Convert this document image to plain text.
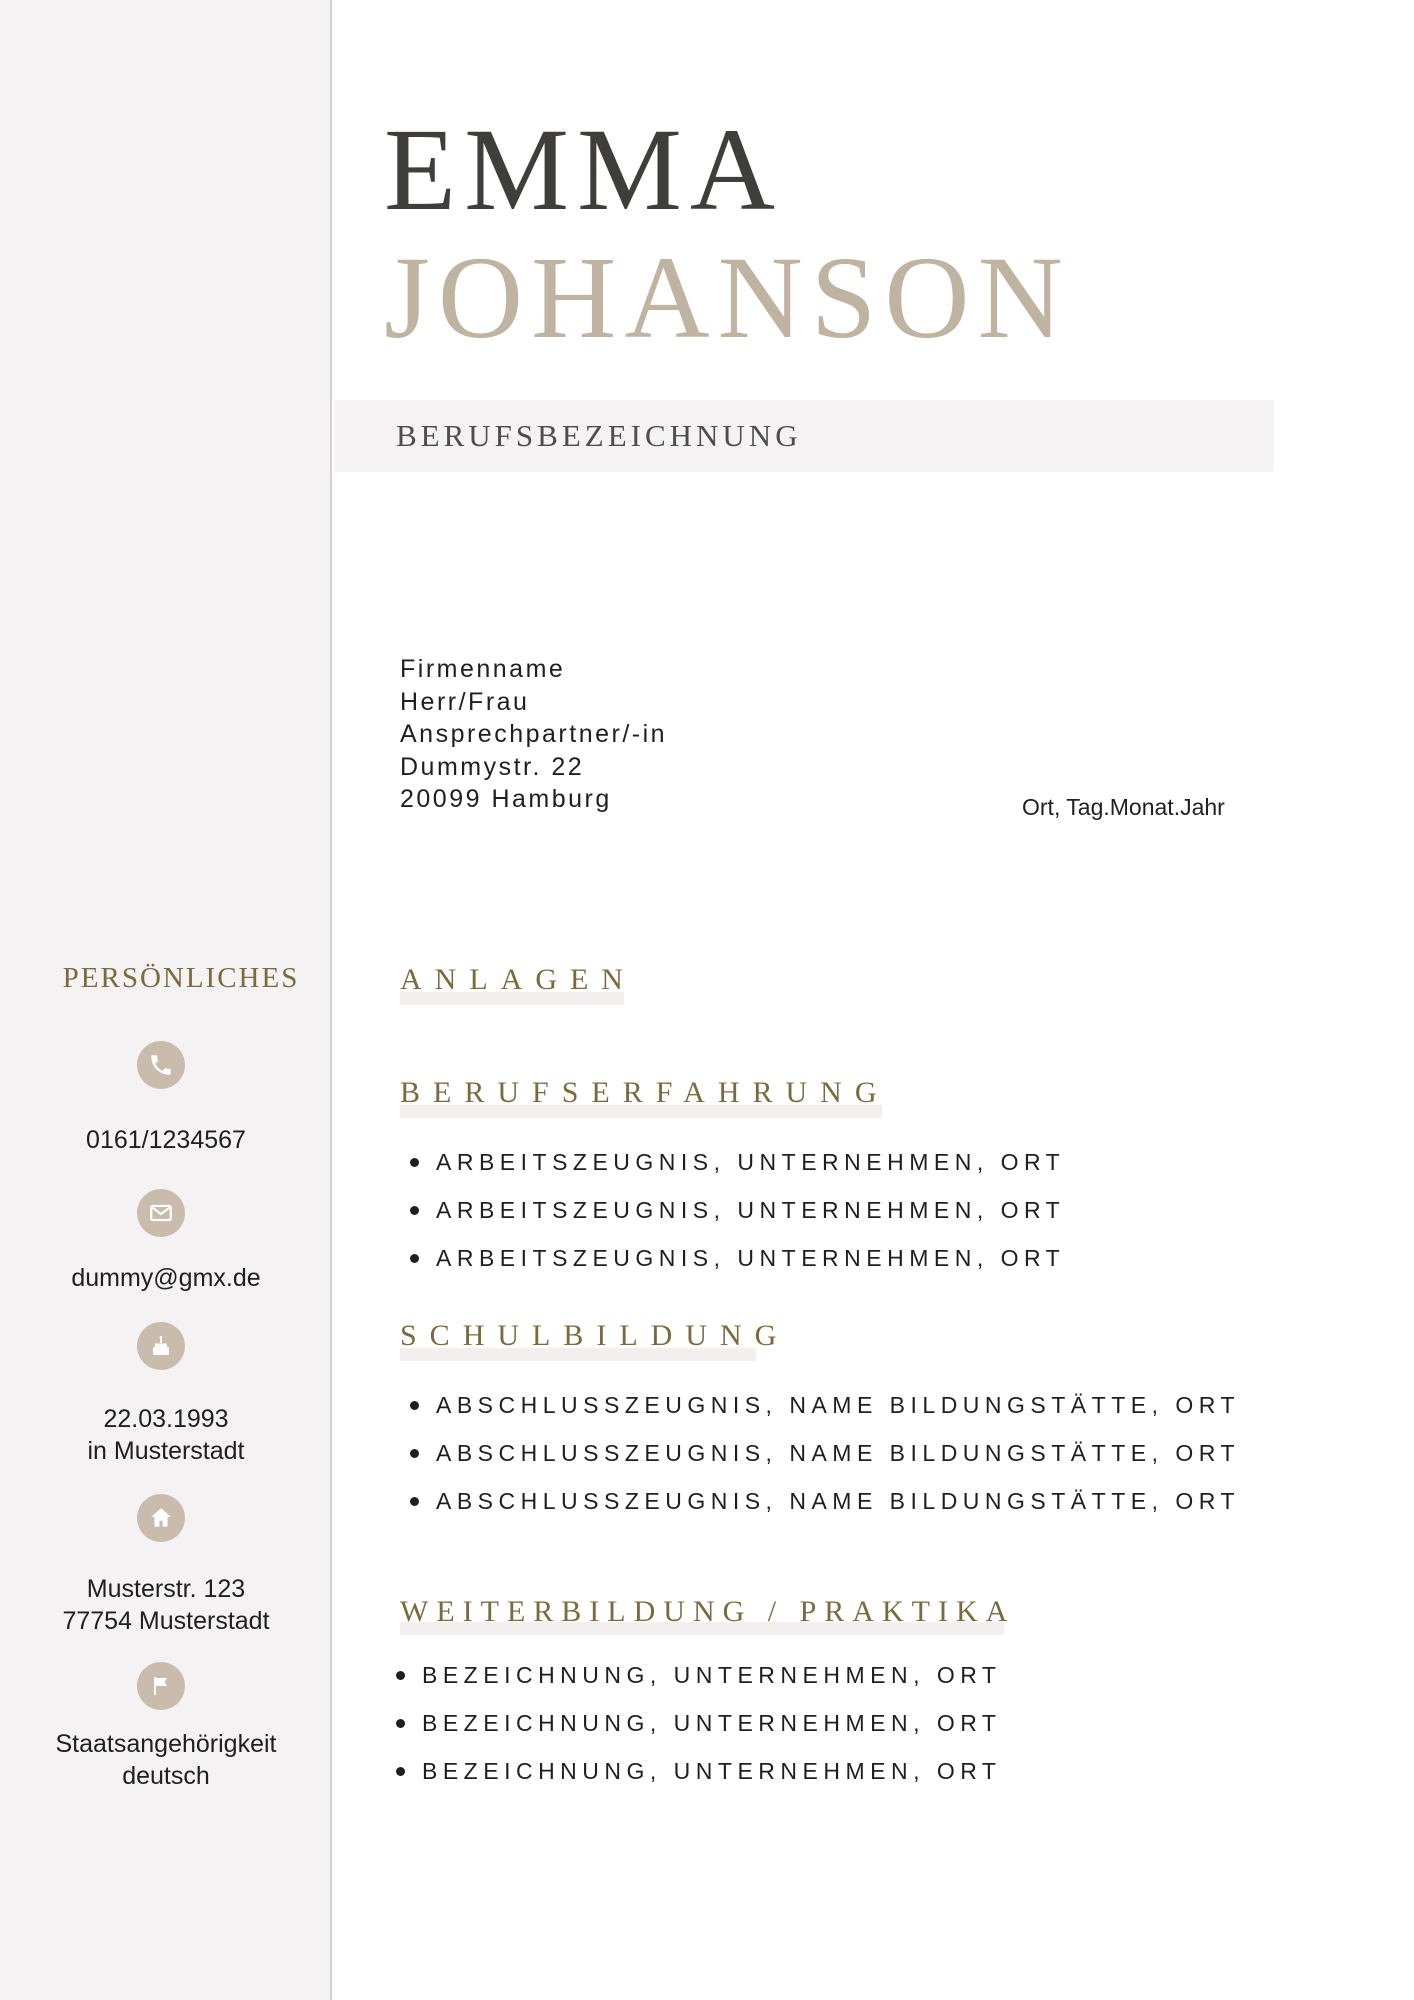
PERSÖNLICHES
0161/1234567
dummy@gmx.de
22.03.1993
in Musterstadt
Musterstr. 123
77754 Musterstadt
Staatsangehörigkeit
deutsch
EMMA
JOHANSON
BERUFSBEZEICHNUNG
Firmenname
Herr/Frau
Ansprechpartner/-in
Dummystr. 22
20099 Hamburg	Ort, Tag.Monat.Jahr
ANLAGEN
BERUFSERFAHRUNG
ARBEITSZEUGNIS, UNTERNEHMEN, ORT
ARBEITSZEUGNIS, UNTERNEHMEN, ORT
ARBEITSZEUGNIS, UNTERNEHMEN, ORT
SCHULBILDUNG
ABSCHLUSSZEUGNIS, NAME BILDUNGSTÄTTE, ORT
ABSCHLUSSZEUGNIS, NAME BILDUNGSTÄTTE, ORT
ABSCHLUSSZEUGNIS, NAME BILDUNGSTÄTTE, ORT
WEITERBILDUNG / PRAKTIKA
BEZEICHNUNG, UNTERNEHMEN, ORT
BEZEICHNUNG, UNTERNEHMEN, ORT
BEZEICHNUNG, UNTERNEHMEN, ORT
